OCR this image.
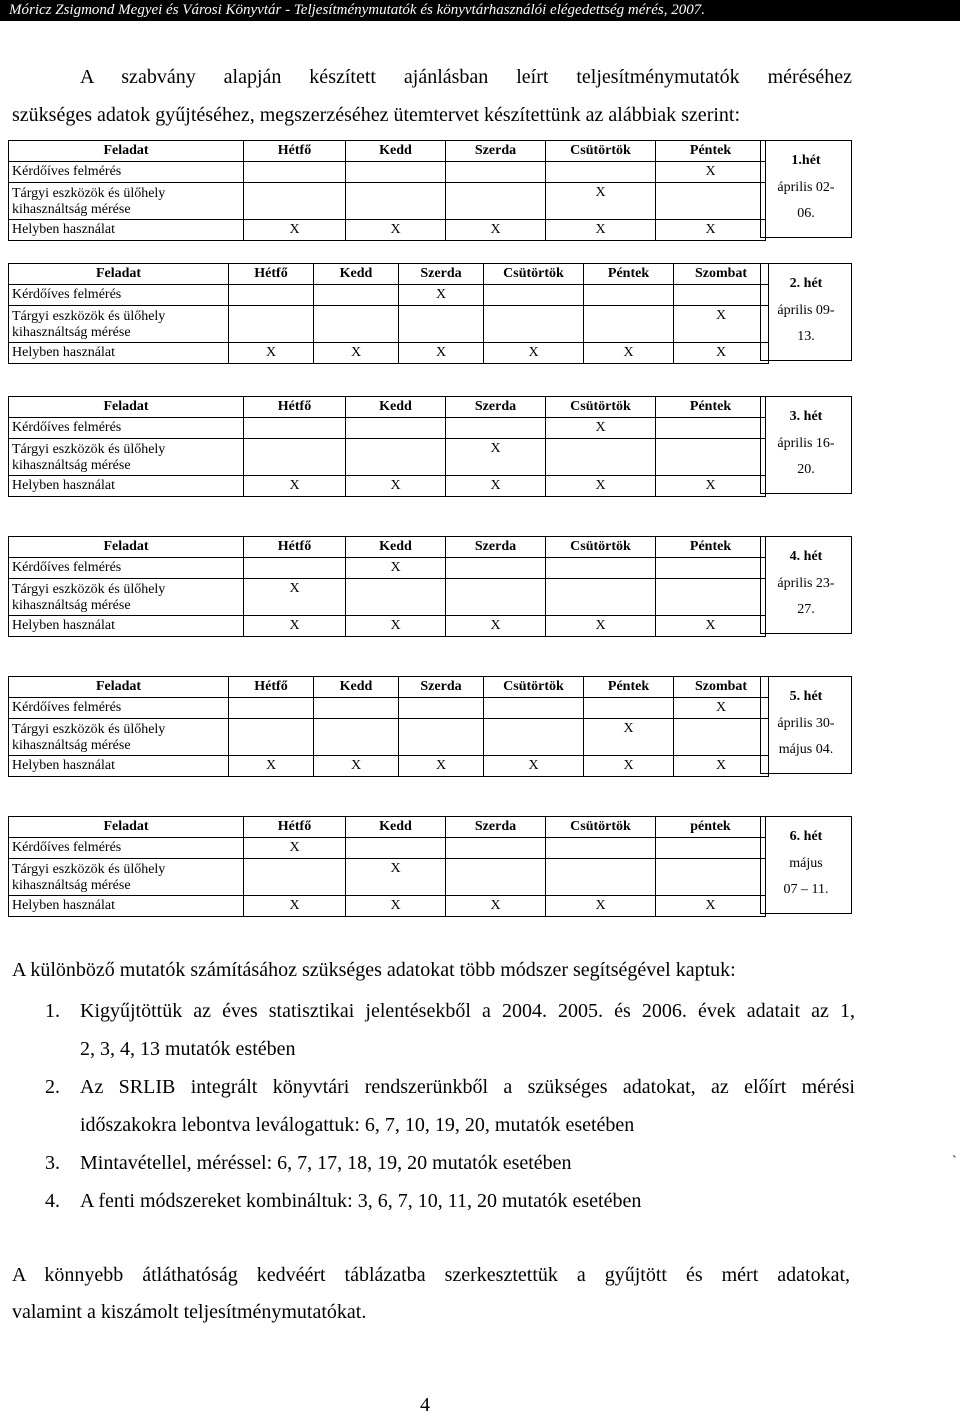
Móricz Zsigmond Megyei és Városi Könyvtár - Teljesítménymutatók és könyvtárhasználói elégedettség mérés, 2007.
A szabvány alapján készített ajánlásban leírt teljesítménymutatók méréséhez
szükséges adatok gyűjtéséhez, megszerzéséhez ütemtervet készítettünk az alábbiak szerint:
Feladat	Hétfő	Kedd	Szerda	Csütörtök	Péntek
Kérdőíves felmérés					X

Tárgyi eszközök és ülőhely
kihasználtság mérése				X	
Helyben használat	X	X	X	X	X
1.hét
április 02-
06.
Feladat	Hétfő	Kedd	Szerda	Csütörtök	Péntek	Szombat
Kérdőíves felmérés			X			

Tárgyi eszközök és ülőhely
kihasználtság mérése						X
Helyben használat	X	X	X	X	X	X
2. hét
április 09-
13.
Feladat	Hétfő	Kedd	Szerda	Csütörtök	Péntek
Kérdőíves felmérés				X	

Tárgyi eszközök és ülőhely
kihasználtság mérése			X		
Helyben használat	X	X	X	X	X
3. hét
április 16-
20.
Feladat	Hétfő	Kedd	Szerda	Csütörtök	Péntek
Kérdőíves felmérés		X			

Tárgyi eszközök és ülőhely
kihasználtság mérése	X				
Helyben használat	X	X	X	X	X
4. hét
április 23-
27.
Feladat	Hétfő	Kedd	Szerda	Csütörtök	Péntek	Szombat
Kérdőíves felmérés						X

Tárgyi eszközök és ülőhely
kihasználtság mérése					X	
Helyben használat	X	X	X	X	X	X
5. hét
április 30-
május 04.
Feladat	Hétfő	Kedd	Szerda	Csütörtök	péntek
Kérdőíves felmérés	X				

Tárgyi eszközök és ülőhely
kihasználtság mérése		X			
Helyben használat	X	X	X	X	X
6. hét
május
07 – 11.
A különböző mutatók számításához szükséges adatokat több módszer segítségével kaptuk:
1. Kigyűjtöttük az éves statisztikai jelentésekből a 2004. 2005. és 2006. évek adatait az 1,
2, 3, 4, 13 mutatók estében
2. Az SRLIB integrált könyvtári rendszerünkből a szükséges adatokat, az előírt mérési
időszakokra lebontva leválogattuk: 6, 7, 10, 19, 20, mutatók esetében
3. Mintavétellel, méréssel: 6, 7, 17, 18, 19, 20 mutatók esetében
4. A fenti módszereket kombináltuk: 3, 6, 7, 10, 11, 20 mutatók esetében
`
A könnyebb átláthatóság kedvéért táblázatba szerkesztettük a gyűjtött és mért adatokat,
valamint a kiszámolt teljesítménymutatókat.
4
